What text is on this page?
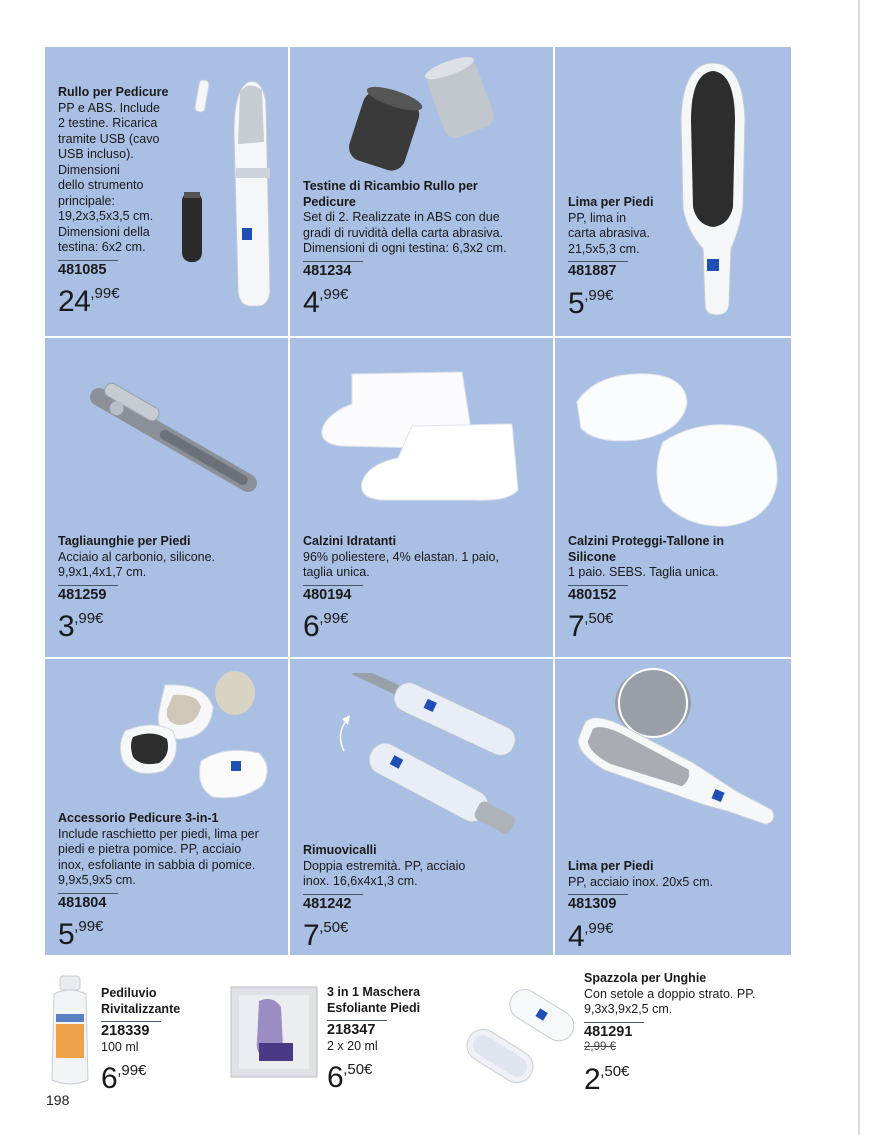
Rullo per Pedicure
PP e ABS. Include
2 testine. Ricarica
tramite USB (cavo
USB incluso).
Dimensioni
dello strumento
principale:
19,2x3,5x3,5 cm.
Dimensioni della
testina: 6x2 cm.
481085
$24^{,99€}$
Testine di Ricambio Rullo per
Pedicure
Set di 2. Realizzate in ABS con due
gradi di ruvidità della carta abrasiva.
Dimensioni di ogni testina: 6,3x2 cm.
481234
$4^{,99€}$
Lima per Piedi
PP, lima in
carta abrasiva.
21,5x5,3 cm.
481887
$5^{,99€}$
Tagliaunghie per Piedi
Acciaio al carbonio, silicone.
9,9x1,4x1,7 cm.
481259
$3^{,99€}$
Calzini Idratanti
96% poliestere, 4% elastan. 1 paio,
taglia unica.
480194
$6^{,99€}$
Calzini Proteggi-Tallone in
Silicone
1 paio. SEBS. Taglia unica.
480152
$7^{,50€}$
Accessorio Pedicure 3-in-1
Include raschietto per piedi, lima per
piedi e pietra pomice. PP, acciaio
inox, esfoliante in sabbia di pomice.
9,9x5,9x5 cm.
481804
$5^{,99€}$
Rimuovicalli
Doppia estremità. PP, acciaio
inox. 16,6x4x1,3 cm.
481242
$7^{,50€}$
Lima per Piedi
PP, acciaio inox. 20x5 cm.
481309
$4^{,99€}$
Pediluvio
Rivitalizzante
218339
100 ml
$6^{,99€}$
3 in 1 Maschera
Esfoliante Piedi
218347
2 x 20 ml
$6^{,50€}$
Spazzola per Unghie
Con setole a doppio strato. PP.
9,3x3,9x2,5 cm.
481291
2,99 €
$2^{,50€}$
198
